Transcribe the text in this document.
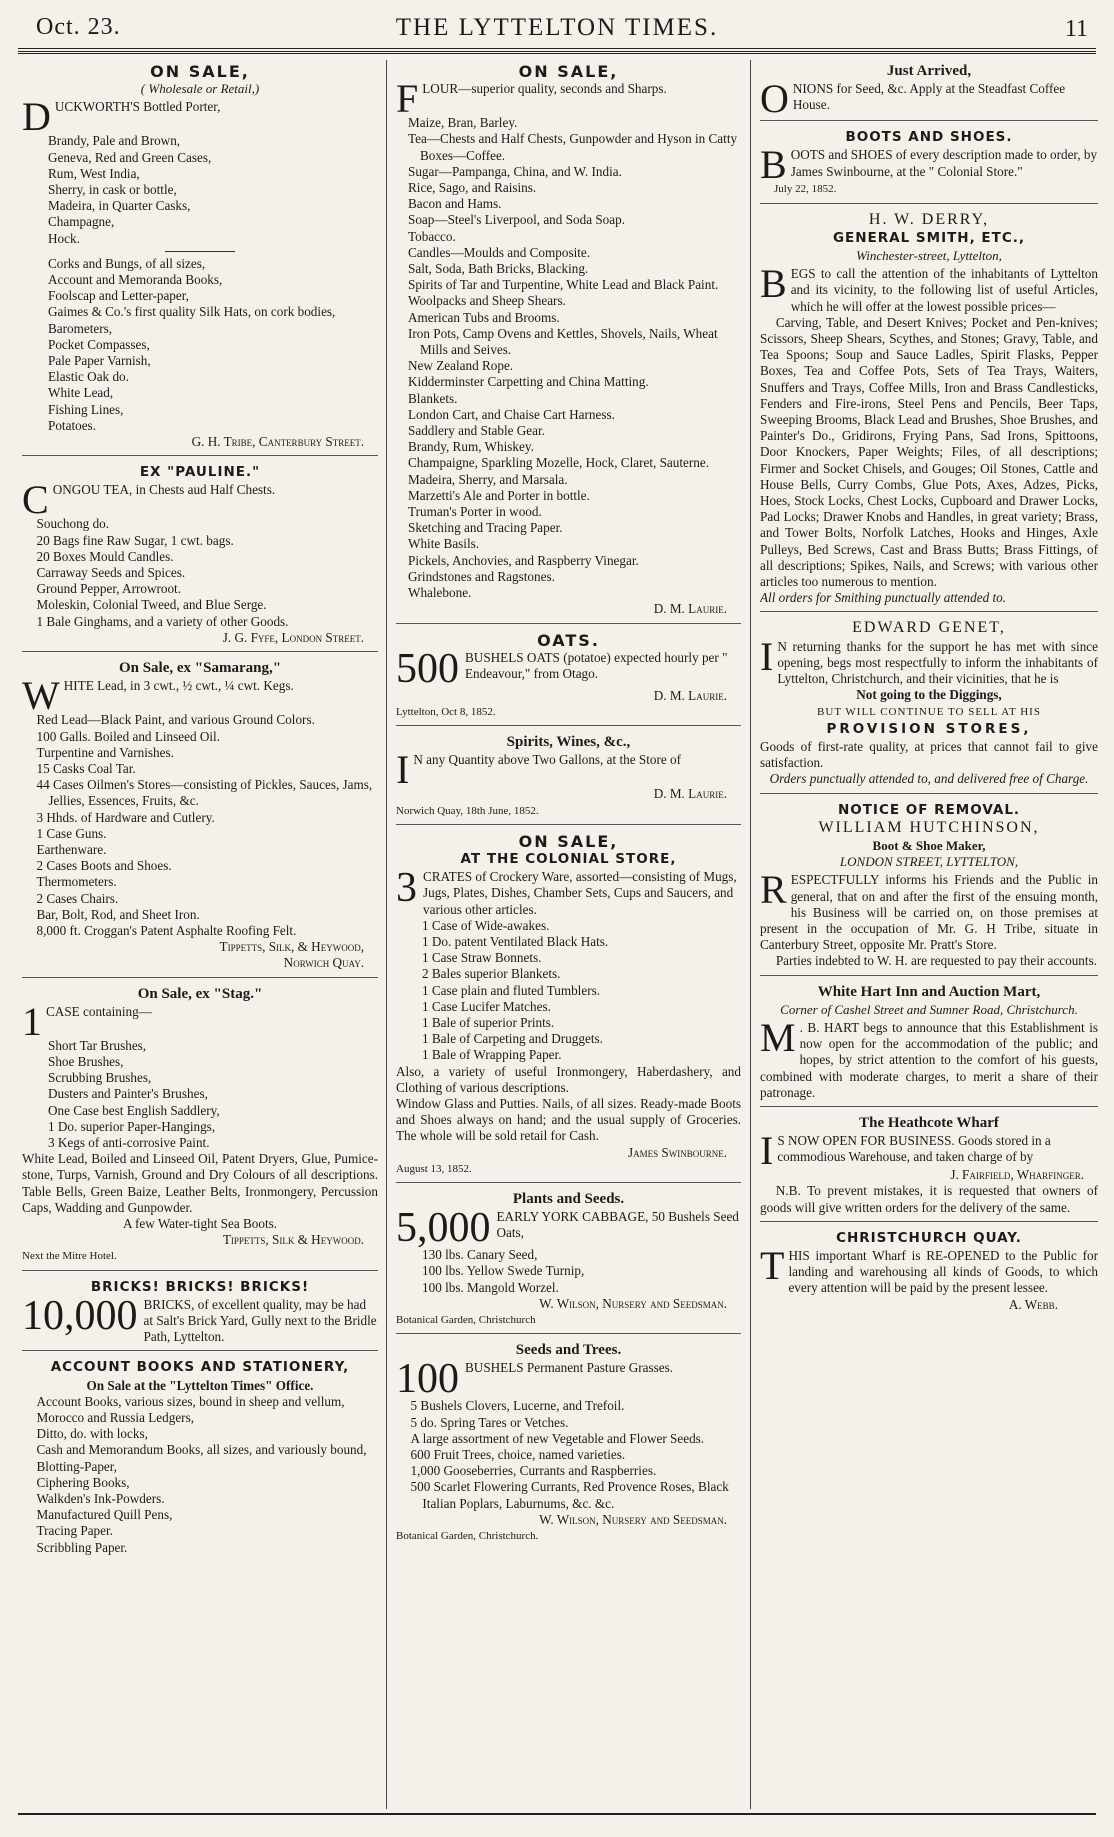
Oct. 23.	THE LYTTELTON TIMES.	11
ON SALE,
( Wholesale or Retail,)
D UCKWORTH'S Bottled Porter,

Brandy, Pale and Brown,

Geneva, Red and Green Cases,

Rum, West India,

Sherry, in cask or bottle,

Madeira, in Quarter Casks,

Champagne,

Hock.

Corks and Bungs, of all sizes,

Account and Memoranda Books,

Foolscap and Letter-paper,

Gaimes & Co.'s first quality Silk Hats, on cork bodies,

Barometers,

Pocket Compasses,

Pale Paper Varnish,

Elastic Oak do.

White Lead,

Fishing Lines,

Potatoes.

G. H. Tribe, Canterbury Street.
EX "PAULINE."
C ONGOU TEA, in Chests aud Half Chests.

Souchong do.

20 Bags fine Raw Sugar, 1 cwt. bags.

20 Boxes Mould Candles.

Carraway Seeds and Spices.

Ground Pepper, Arrowroot.

Moleskin, Colonial Tweed, and Blue Serge.

1 Bale Ginghams, and a variety of other Goods.

J. G. Fyfe, London Street.
On Sale, ex "Samarang,"
W HITE Lead, in 3 cwt., ½ cwt., ¼ cwt. Kegs.

Red Lead—Black Paint, and various Ground Colors.

100 Galls. Boiled and Linseed Oil.

Turpentine and Varnishes.

15 Casks Coal Tar.

44 Cases Oilmen's Stores—consisting of Pickles, Sauces, Jams, Jellies, Essences, Fruits, &c.

3 Hhds. of Hardware and Cutlery.

1 Case Guns.

Earthenware.

2 Cases Boots and Shoes.

Thermometers.

2 Cases Chairs.

Bar, Bolt, Rod, and Sheet Iron.

8,000 ft. Croggan's Patent Asphalte Roofing Felt.

Tippetts, Silk, & Heywood,
Norwich Quay.
On Sale, ex "Stag."
1 CASE containing—

Short Tar Brushes,

Shoe Brushes,

Scrubbing Brushes,

Dusters and Painter's Brushes,

One Case best English Saddlery,

1 Do. superior Paper-Hangings,

3 Kegs of anti-corrosive Paint.

White Lead, Boiled and Linseed Oil, Patent Dryers, Glue, Pumice-stone, Turps, Varnish, Ground and Dry Colours of all descriptions. Table Bells, Green Baize, Leather Belts, Ironmongery, Percussion Caps, Wadding and Gunpowder.
A few Water-tight Sea Boots.
Tippetts, Silk & Heywood.
Next the Mitre Hotel.
BRICKS! BRICKS! BRICKS!
10,000 BRICKS, of excellent quality, may be had at Salt's Brick Yard, Gully next to the Bridle Path, Lyttelton.
ACCOUNT BOOKS AND STATIONERY,
On Sale at the "Lyttelton Times" Office.

Account Books, various sizes, bound in sheep and vellum,

Morocco and Russia Ledgers,

Ditto, do. with locks,

Cash and Memorandum Books, all sizes, and variously bound,

Blotting-Paper,

Ciphering Books,

Walkden's Ink-Powders.

Manufactured Quill Pens,

Tracing Paper.

Scribbling Paper.

ON SALE,
F LOUR—superior quality, seconds and Sharps.

Maize, Bran, Barley.

Tea—Chests and Half Chests, Gunpowder and Hyson in Catty Boxes—Coffee.

Sugar—Pampanga, China, and W. India.

Rice, Sago, and Raisins.

Bacon and Hams.

Soap—Steel's Liverpool, and Soda Soap.

Tobacco.

Candles—Moulds and Composite.

Salt, Soda, Bath Bricks, Blacking.

Spirits of Tar and Turpentine, White Lead and Black Paint.

Woolpacks and Sheep Shears.

American Tubs and Brooms.

Iron Pots, Camp Ovens and Kettles, Shovels, Nails, Wheat Mills and Seives.

New Zealand Rope.

Kidderminster Carpetting and China Matting.

Blankets.

London Cart, and Chaise Cart Harness.

Saddlery and Stable Gear.

Brandy, Rum, Whiskey.

Champaigne, Sparkling Mozelle, Hock, Claret, Sauterne.

Madeira, Sherry, and Marsala.

Marzetti's Ale and Porter in bottle.

Truman's Porter in wood.

Sketching and Tracing Paper.

White Basils.

Pickels, Anchovies, and Raspberry Vinegar.

Grindstones and Ragstones.

Whalebone.

D. M. Laurie.
OATS.
500 BUSHELS OATS (potatoe) expected hourly per " Endeavour," from Otago.
D. M. Laurie.
Lyttelton, Oct 8, 1852.
Spirits, Wines, &c.,
I N any Quantity above Two Gallons, at the Store of
D. M. Laurie.
Norwich Quay, 18th June, 1852.
ON SALE,
AT THE COLONIAL STORE,
3 CRATES of Crockery Ware, assorted—consisting of Mugs, Jugs, Plates, Dishes, Chamber Sets, Cups and Saucers, and various other articles.

1 Case of Wide-awakes.

1 Do. patent Ventilated Black Hats.

1 Case Straw Bonnets.

2 Bales superior Blankets.

1 Case plain and fluted Tumblers.

1 Case Lucifer Matches.

1 Bale of superior Prints.

1 Bale of Carpeting and Druggets.

1 Bale of Wrapping Paper.

Also, a variety of useful Ironmongery, Haberdashery, and Clothing of various descriptions.
Window Glass and Putties. Nails, of all sizes. Ready-made Boots and Shoes always on hand; and the usual supply of Groceries. The whole will be sold retail for Cash.
James Swinbourne.
August 13, 1852.
Plants and Seeds.
5,000 EARLY YORK CABBAGE, 50 Bushels Seed Oats,

130 lbs. Canary Seed,

100 lbs. Yellow Swede Turnip,

100 lbs. Mangold Worzel.

W. Wilson, Nursery and Seedsman.
Botanical Garden, Christchurch
Seeds and Trees.
100 BUSHELS Permanent Pasture Grasses.

5 Bushels Clovers, Lucerne, and Trefoil.

5 do. Spring Tares or Vetches.

A large assortment of new Vegetable and Flower Seeds.

600 Fruit Trees, choice, named varieties.

1,000 Gooseberries, Currants and Raspberries.

500 Scarlet Flowering Currants, Red Provence Roses, Black Italian Poplars, Laburnums, &c. &c.

W. Wilson, Nursery and Seedsman.
Botanical Garden, Christchurch.
Just Arrived,
O NIONS for Seed, &c. Apply at the Steadfast Coffee House.
BOOTS AND SHOES.
B OOTS and SHOES of every description made to order, by James Swinbourne, at the " Colonial Store."
July 22, 1852.
H. W. DERRY,
GENERAL SMITH, ETC.,
Winchester-street, Lyttelton,
B EGS to call the attention of the inhabitants of Lyttelton and its vicinity, to the following list of useful Articles, which he will offer at the lowest possible prices—
Carving, Table, and Desert Knives; Pocket and Pen-knives; Scissors, Sheep Shears, Scythes, and Stones; Gravy, Table, and Tea Spoons; Soup and Sauce Ladles, Spirit Flasks, Pepper Boxes, Tea and Coffee Pots, Sets of Tea Trays, Waiters, Snuffers and Trays, Coffee Mills, Iron and Brass Candlesticks, Fenders and Fire-irons, Steel Pens and Pencils, Beer Taps, Sweeping Brooms, Black Lead and Brushes, Shoe Brushes, and Painter's Do., Gridirons, Frying Pans, Sad Irons, Spittoons, Door Knockers, Paper Weights; Files, of all descriptions; Firmer and Socket Chisels, and Gouges; Oil Stones, Cattle and House Bells, Curry Combs, Glue Pots, Axes, Adzes, Picks, Hoes, Stock Locks, Chest Locks, Cupboard and Drawer Locks, Pad Locks; Drawer Knobs and Handles, in great variety; Brass, and Tower Bolts, Norfolk Latches, Hooks and Hinges, Axle Pulleys, Bed Screws, Cast and Brass Butts; Brass Fittings, of all descriptions; Spikes, Nails, and Screws; with various other articles too numerous to mention.
All orders for Smithing punctually attended to.
EDWARD GENET,
I N returning thanks for the support he has met with since opening, begs most respectfully to inform the inhabitants of Lyttelton, Christchurch, and their vicinities, that he is
Not going to the Diggings,
BUT WILL CONTINUE TO SELL AT HIS
PROVISION STORES,
Goods of first-rate quality, at prices that cannot fail to give satisfaction.
Orders punctually attended to, and delivered free of Charge.
NOTICE OF REMOVAL.
WILLIAM HUTCHINSON,
Boot & Shoe Maker,
LONDON STREET, LYTTELTON,
R ESPECTFULLY informs his Friends and the Public in general, that on and after the first of the ensuing month, his Business will be carried on, on those premises at present in the occupation of Mr. G. H Tribe, situate in Canterbury Street, opposite Mr. Pratt's Store.
Parties indebted to W. H. are requested to pay their accounts.
White Hart Inn and Auction Mart,
Corner of Cashel Street and Sumner Road, Christchurch.
M . B. HART begs to announce that this Establishment is now open for the accommodation of the public; and hopes, by strict attention to the comfort of his guests, combined with moderate charges, to merit a share of their patronage.
The Heathcote Wharf
I S NOW OPEN FOR BUSINESS. Goods stored in a commodious Warehouse, and taken charge of by
J. Fairfield, Wharfinger.
N.B. To prevent mistakes, it is requested that owners of goods will give written orders for the delivery of the same.
CHRISTCHURCH QUAY.
T HIS important Wharf is RE-OPENED to the Public for landing and warehousing all kinds of Goods, to which every attention will be paid by the present lessee.
A. Webb.
